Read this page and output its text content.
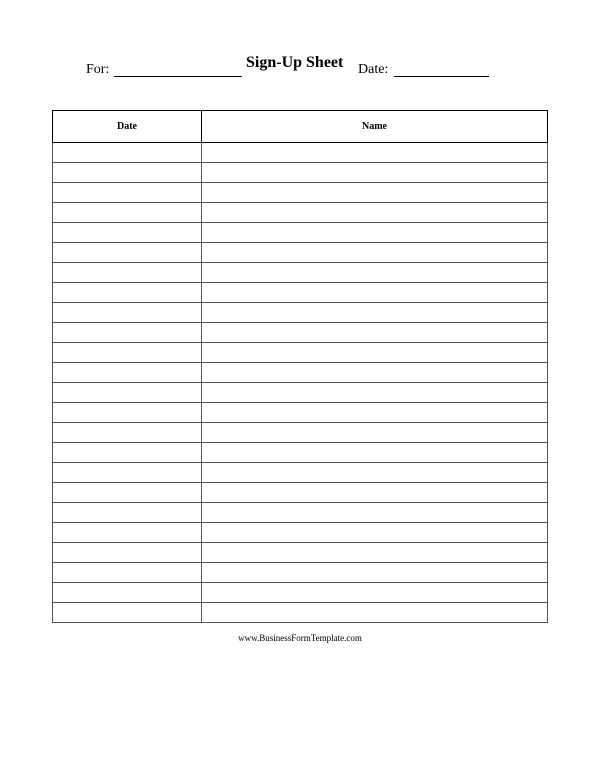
For:	Sign-Up Sheet Date:
Date	Name

www.BusinessFormTemplate.com
